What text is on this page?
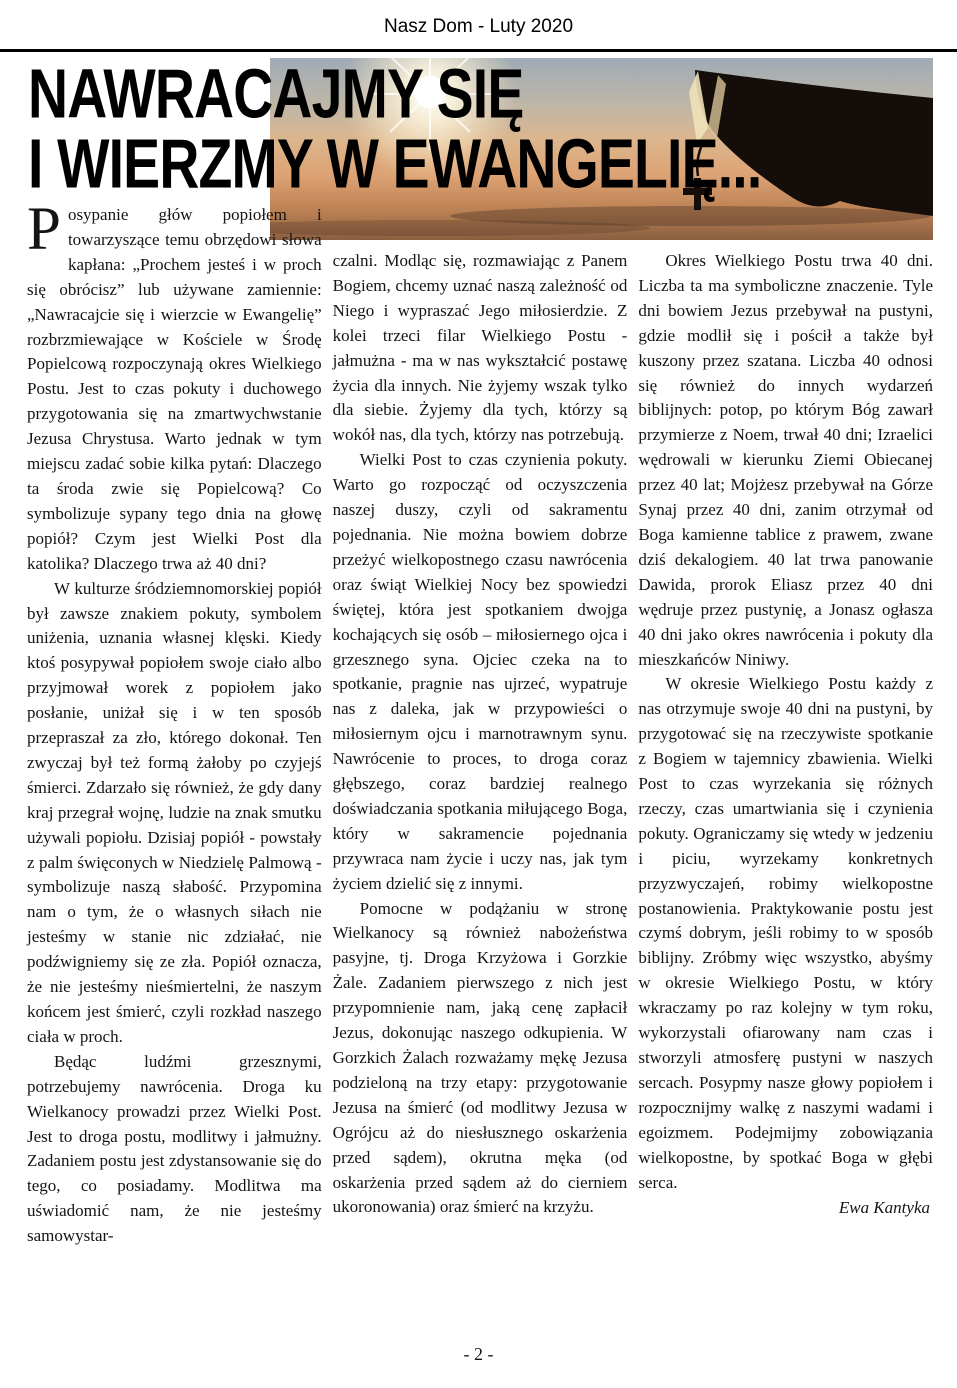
Nasz Dom - Luty 2020
NAWRACAJMY SIĘ
I WIERZMY W EWANGELIĘ...

Posypanie głów popiołem i towarzyszące temu obrzędowi słowa kapłana: „Prochem jesteś i w proch się obrócisz” lub używane zamiennie: „Nawracajcie się i wierzcie w Ewangelię” rozbrzmiewające w Kościele w Środę Popielcową rozpoczynają okres Wielkiego Postu. Jest to czas pokuty i duchowego przygotowania się na zmartwychwstanie Jezusa Chrystusa. Warto jednak w tym miejscu zadać sobie kilka pytań: Dlaczego ta środa zwie się Popielcową? Co symbolizuje sypany tego dnia na głowę popiół? Czym jest Wielki Post dla katolika? Dlaczego trwa aż 40 dni?

W kulturze śródziemnomorskiej popiół był zawsze znakiem pokuty, symbolem uniżenia, uznania własnej klęski. Kiedy ktoś posypywał popiołem swoje ciało albo przyjmował worek z popiołem jako posłanie, uniżał się i w ten sposób przepraszał za zło, którego dokonał. Ten zwyczaj był też formą żałoby po czyjejś śmierci. Zdarzało się również, że gdy dany kraj przegrał wojnę, ludzie na znak smutku używali popiołu. Dzisiaj popiół - powstały z palm święconych w Niedzielę Palmową - symbolizuje naszą słabość. Przypomina nam o tym, że o własnych siłach nie jesteśmy w stanie nic zdziałać, nie podźwigniemy się ze zła. Popiół oznacza, że nie jesteśmy nieśmiertelni, że naszym końcem jest śmierć, czyli rozkład naszego ciała w proch.

Będąc ludźmi grzesznymi, potrzebujemy nawrócenia. Droga ku Wielkanocy prowadzi przez Wielki Post. Jest to droga postu, modlitwy i jałmużny. Zadaniem postu jest zdystansowanie się do tego, co posiadamy. Modlitwa ma uświadomić nam, że nie jesteśmy samowystar-

czalni. Modląc się, rozmawiając z Panem Bogiem, chcemy uznać naszą zależność od Niego i wypraszać Jego miłosierdzie. Z kolei trzeci filar Wielkiego Postu - jałmużna - ma w nas wykształcić postawę życia dla innych. Nie żyjemy wszak tylko dla siebie. Żyjemy dla tych, którzy są wokół nas, dla tych, którzy nas potrzebują.

Wielki Post to czas czynienia pokuty. Warto go rozpocząć od oczyszczenia naszej duszy, czyli od sakramentu pojednania. Nie można bowiem dobrze przeżyć wielkopostnego czasu nawrócenia oraz świąt Wielkiej Nocy bez spowiedzi świętej, która jest spotkaniem dwojga kochających się osób – miłosiernego ojca i grzesznego syna. Ojciec czeka na to spotkanie, pragnie nas ujrzeć, wypatruje nas z daleka, jak w przypowieści o miłosiernym ojcu i marnotrawnym synu. Nawrócenie to proces, to droga coraz głębszego, coraz bardziej realnego doświadczania spotkania miłującego Boga, który w sakramencie pojednania przywraca nam życie i uczy nas, jak tym życiem dzielić się z innymi.

Pomocne w podążaniu w stronę Wielkanocy są również nabożeństwa pasyjne, tj. Droga Krzyżowa i Gorzkie Żale. Zadaniem pierwszego z nich jest przypomnienie nam, jaką cenę zapłacił Jezus, dokonując naszego odkupienia. W Gorzkich Żalach rozważamy mękę Jezusa podzieloną na trzy etapy: przygotowanie Jezusa na śmierć (od modlitwy Jezusa w Ogrójcu aż do niesłusznego oskarżenia przed sądem), okrutna męka (od oskarżenia przed sądem aż do cierniem ukoronowania) oraz śmierć na krzyżu.

Okres Wielkiego Postu trwa 40 dni. Liczba ta ma symboliczne znaczenie. Tyle dni bowiem Jezus przebywał na pustyni, gdzie modlił się i pościł a także był kuszony przez szatana. Liczba 40 odnosi się również do innych wydarzeń biblijnych: potop, po którym Bóg zawarł przymierze z Noem, trwał 40 dni; Izraelici wędrowali w kierunku Ziemi Obiecanej przez 40 lat; Mojżesz przebywał na Górze Synaj przez 40 dni, zanim otrzymał od Boga kamienne tablice z prawem, zwane dziś dekalogiem. 40 lat trwa panowanie Dawida, prorok Eliasz przez 40 dni wędruje przez pustynię, a Jonasz ogłasza 40 dni jako okres nawrócenia i pokuty dla mieszkańców Niniwy.

W okresie Wielkiego Postu każdy z nas otrzymuje swoje 40 dni na pustyni, by przygotować się na rzeczywiste spotkanie z Bogiem w tajemnicy zbawienia. Wielki Post to czas wyrzekania się różnych rzeczy, czas umartwiania się i czynienia pokuty. Ograniczamy się wtedy w jedzeniu i piciu, wyrzekamy konkretnych przyzwyczajeń, robimy wielkopostne postanowienia. Praktykowanie postu jest czymś dobrym, jeśli robimy to w sposób biblijny. Zróbmy więc wszystko, abyśmy w okresie Wielkiego Postu, w który wkraczamy po raz kolejny w tym roku, wykorzystali ofiarowany nam czas i stworzyli atmosferę pustyni w naszych sercach. Posypmy nasze głowy popiołem i rozpocznijmy walkę z naszymi wadami i egoizmem. Podejmijmy zobowiązania wielkopostne, by spotkać Boga w głębi serca.

Ewa Kantyka
- 2 -
